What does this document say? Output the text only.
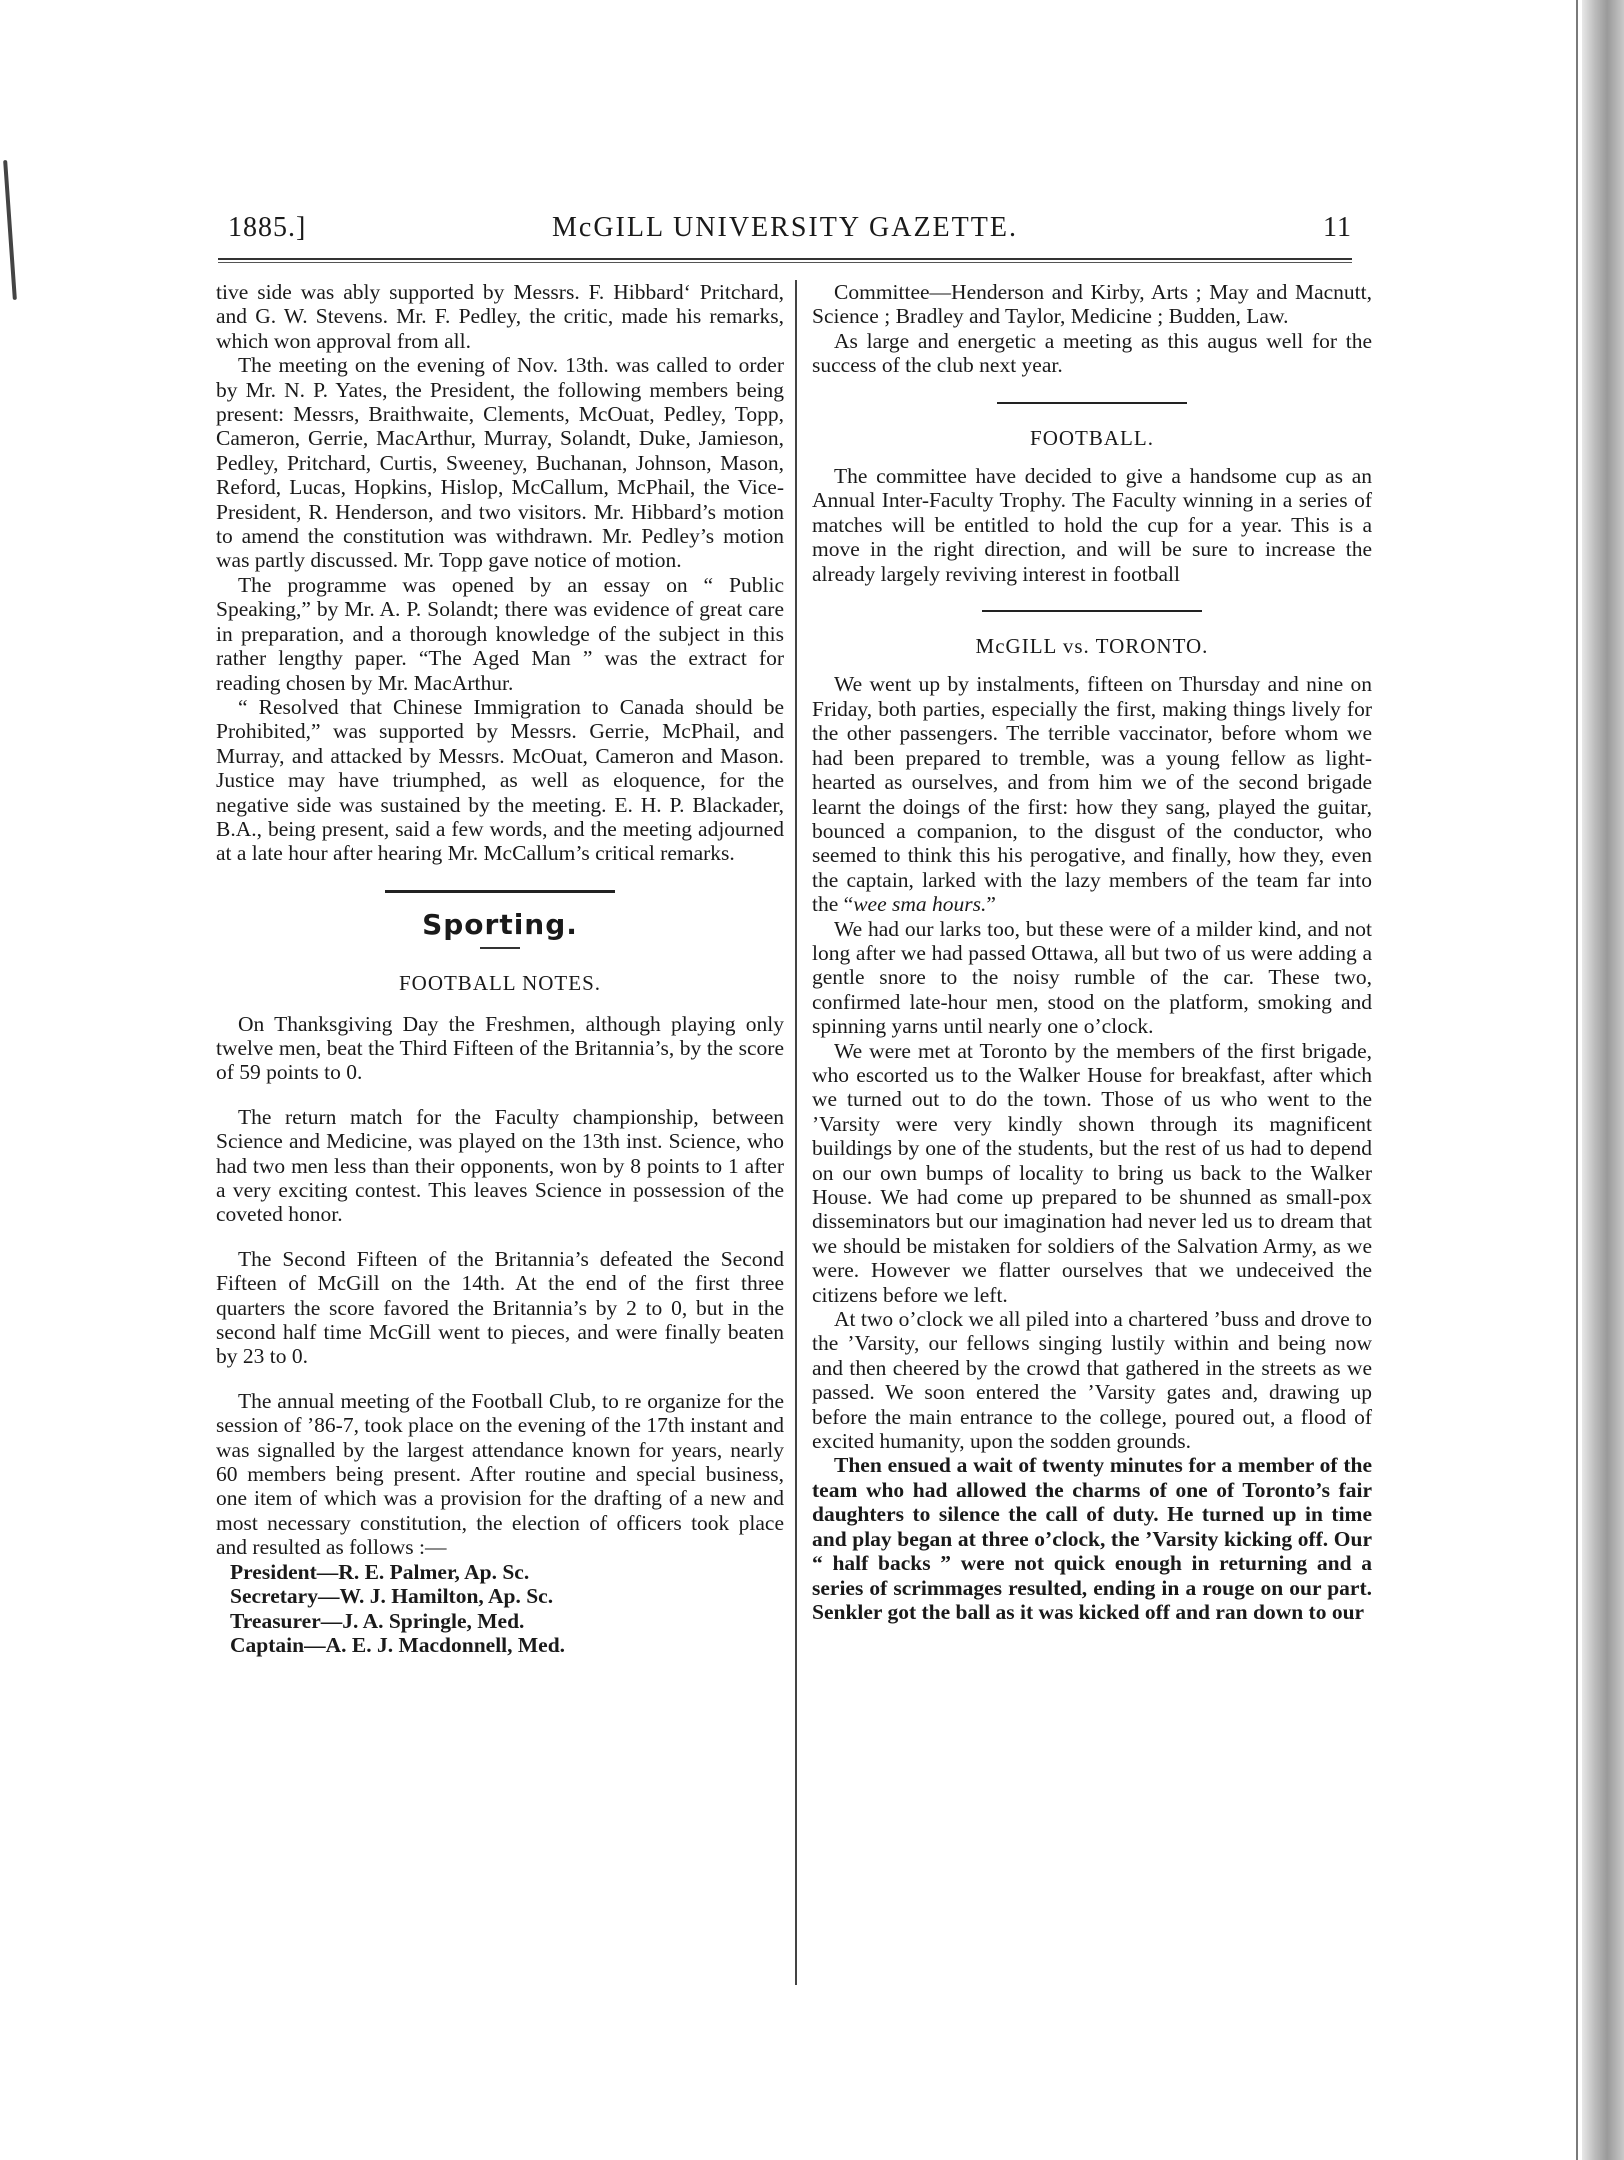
1885.]	McGILL UNIVERSITY GAZETTE.	11

tive side was ably supported by Messrs. F. Hibbard‘ Pritchard, and G. W. Stevens. Mr. F. Pedley, the critic, made his remarks, which won approval from all.

The meeting on the evening of Nov. 13th. was called to order by Mr. N. P. Yates, the President, the following members being present: Messrs, Braithwaite, Clements, McOuat, Pedley, Topp, Cameron, Gerrie, MacArthur, Murray, Solandt, Duke, Jamieson, Pedley, Pritchard, Curtis, Sweeney, Buchanan, Johnson, Mason, Reford, Lucas, Hopkins, Hislop, McCallum, McPhail, the Vice-President, R. Henderson, and two visitors. Mr. Hibbard’s motion to amend the constitution was withdrawn. Mr. Pedley’s motion was partly discussed. Mr. Topp gave notice of motion.

The programme was opened by an essay on “ Public Speaking,” by Mr. A. P. Solandt; there was evidence of great care in preparation, and a thorough knowledge of the subject in this rather lengthy paper. “The Aged Man ” was the extract for reading chosen by Mr. MacArthur.

“ Resolved that Chinese Immigration to Canada should be Prohibited,” was supported by Messrs. Gerrie, McPhail, and Murray, and attacked by Messrs. McOuat, Cameron and Mason. Justice may have triumphed, as well as eloquence, for the negative side was sustained by the meeting. E. H. P. Blackader, B.A., being present, said a few words, and the meeting adjourned at a late hour after hearing Mr. McCallum’s critical remarks.

Sporting.

FOOTBALL NOTES.

On Thanksgiving Day the Freshmen, although playing only twelve men, beat the Third Fifteen of the Britannia’s, by the score of 59 points to 0.

The return match for the Faculty championship, between Science and Medicine, was played on the 13th inst. Science, who had two men less than their opponents, won by 8 points to 1 after a very exciting contest. This leaves Science in possession of the coveted honor.

The Second Fifteen of the Britannia’s defeated the Second Fifteen of McGill on the 14th. At the end of the first three quarters the score favored the Britannia’s by 2 to 0, but in the second half time McGill went to pieces, and were finally beaten by 23 to 0.

The annual meeting of the Football Club, to re organize for the session of ’86-7, took place on the evening of the 17th instant and was signalled by the largest attendance known for years, nearly 60 members being present. After routine and special business, one item of which was a provision for the drafting of a new and most necessary constitution, the election of officers took place and resulted as follows :—

President—R. E. Palmer, Ap. Sc.

Secretary—W. J. Hamilton, Ap. Sc.

Treasurer—J. A. Springle, Med.

Captain—A. E. J. Macdonnell, Med.

Committee—Henderson and Kirby, Arts ; May and Macnutt, Science ; Bradley and Taylor, Medicine ; Budden, Law.

As large and energetic a meeting as this augus well for the success of the club next year.

FOOTBALL.

The committee have decided to give a handsome cup as an Annual Inter-Faculty Trophy. The Faculty winning in a series of matches will be entitled to hold the cup for a year. This is a move in the right direction, and will be sure to increase the already largely reviving interest in football

McGILL vs. TORONTO.

We went up by instalments, fifteen on Thursday and nine on Friday, both parties, especially the first, making things lively for the other passengers. The terrible vaccinator, before whom we had been prepared to tremble, was a young fellow as light-hearted as ourselves, and from him we of the second brigade learnt the doings of the first: how they sang, played the guitar, bounced a companion, to the disgust of the conductor, who seemed to think this his perogative, and finally, how they, even the captain, larked with the lazy members of the team far into the “wee sma hours.”

We had our larks too, but these were of a milder kind, and not long after we had passed Ottawa, all but two of us were adding a gentle snore to the noisy rumble of the car. These two, confirmed late-hour men, stood on the platform, smoking and spinning yarns until nearly one o’clock.

We were met at Toronto by the members of the first brigade, who escorted us to the Walker House for breakfast, after which we turned out to do the town. Those of us who went to the ’Varsity were very kindly shown through its magnificent buildings by one of the students, but the rest of us had to depend on our own bumps of locality to bring us back to the Walker House. We had come up prepared to be shunned as small-pox disseminators but our imagination had never led us to dream that we should be mistaken for soldiers of the Salvation Army, as we were. However we flatter ourselves that we undeceived the citizens before we left.

At two o’clock we all piled into a chartered ’buss and drove to the ’Varsity, our fellows singing lustily within and being now and then cheered by the crowd that gathered in the streets as we passed. We soon entered the ’Varsity gates and, drawing up before the main entrance to the college, poured out, a flood of excited humanity, upon the sodden grounds.

Then ensued a wait of twenty minutes for a member of the team who had allowed the charms of one of Toronto’s fair daughters to silence the call of duty. He turned up in time and play began at three o’clock, the ’Varsity kicking off. Our “ half backs ” were not quick enough in returning and a series of scrimmages resulted, ending in a rouge on our part. Senkler got the ball as it was kicked off and ran down to our
